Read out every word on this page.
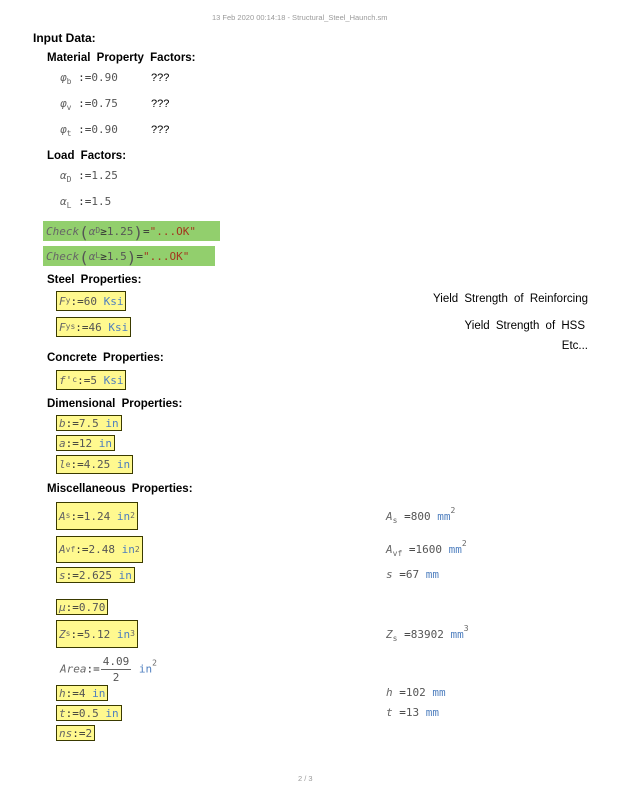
13 Feb 2020 00:14:18 - Structural_Steel_Haunch.sm
2 / 3
Input Data:
Material Property Factors:
$\varphi_b$ :=0.90	???
$\varphi_v$ :=0.75	???
$\varphi_t$ :=0.90	???
Load Factors:
$\alpha_D$ :=1.25
$\alpha_L$ :=1.5
Check ( α D ≥ 1.25 ) = "...OK"
Check ( α L ≥ 1.5 ) = "...OK"
Steel Properties:
F y := 60
Ksi	Yield Strength of Reinforcing
F ys := 46
Ksi	Yield Strength of HSS
Etc...
Concrete Properties:
f' c := 5
Ksi
Dimensional Properties:
b := 7.5
in
a := 12
in
l e := 4.25
in
Miscellaneous Properties:
A s := 1.24
in 2	$A_s =800$ $mm^2$
A vf := 2.48
in 2	$A_{vf} =1600$ $mm^2$
s := 2.625
in	s =67 mm
μ := 0.70
Z s := 5.12
in 3	$Z_s =83902$ $mm^3$
Area:= $\frac{4.09}{2} in^2$
h := 4
in	h =102 mm
t := 0.5
in	t =13 mm
ns := 2
